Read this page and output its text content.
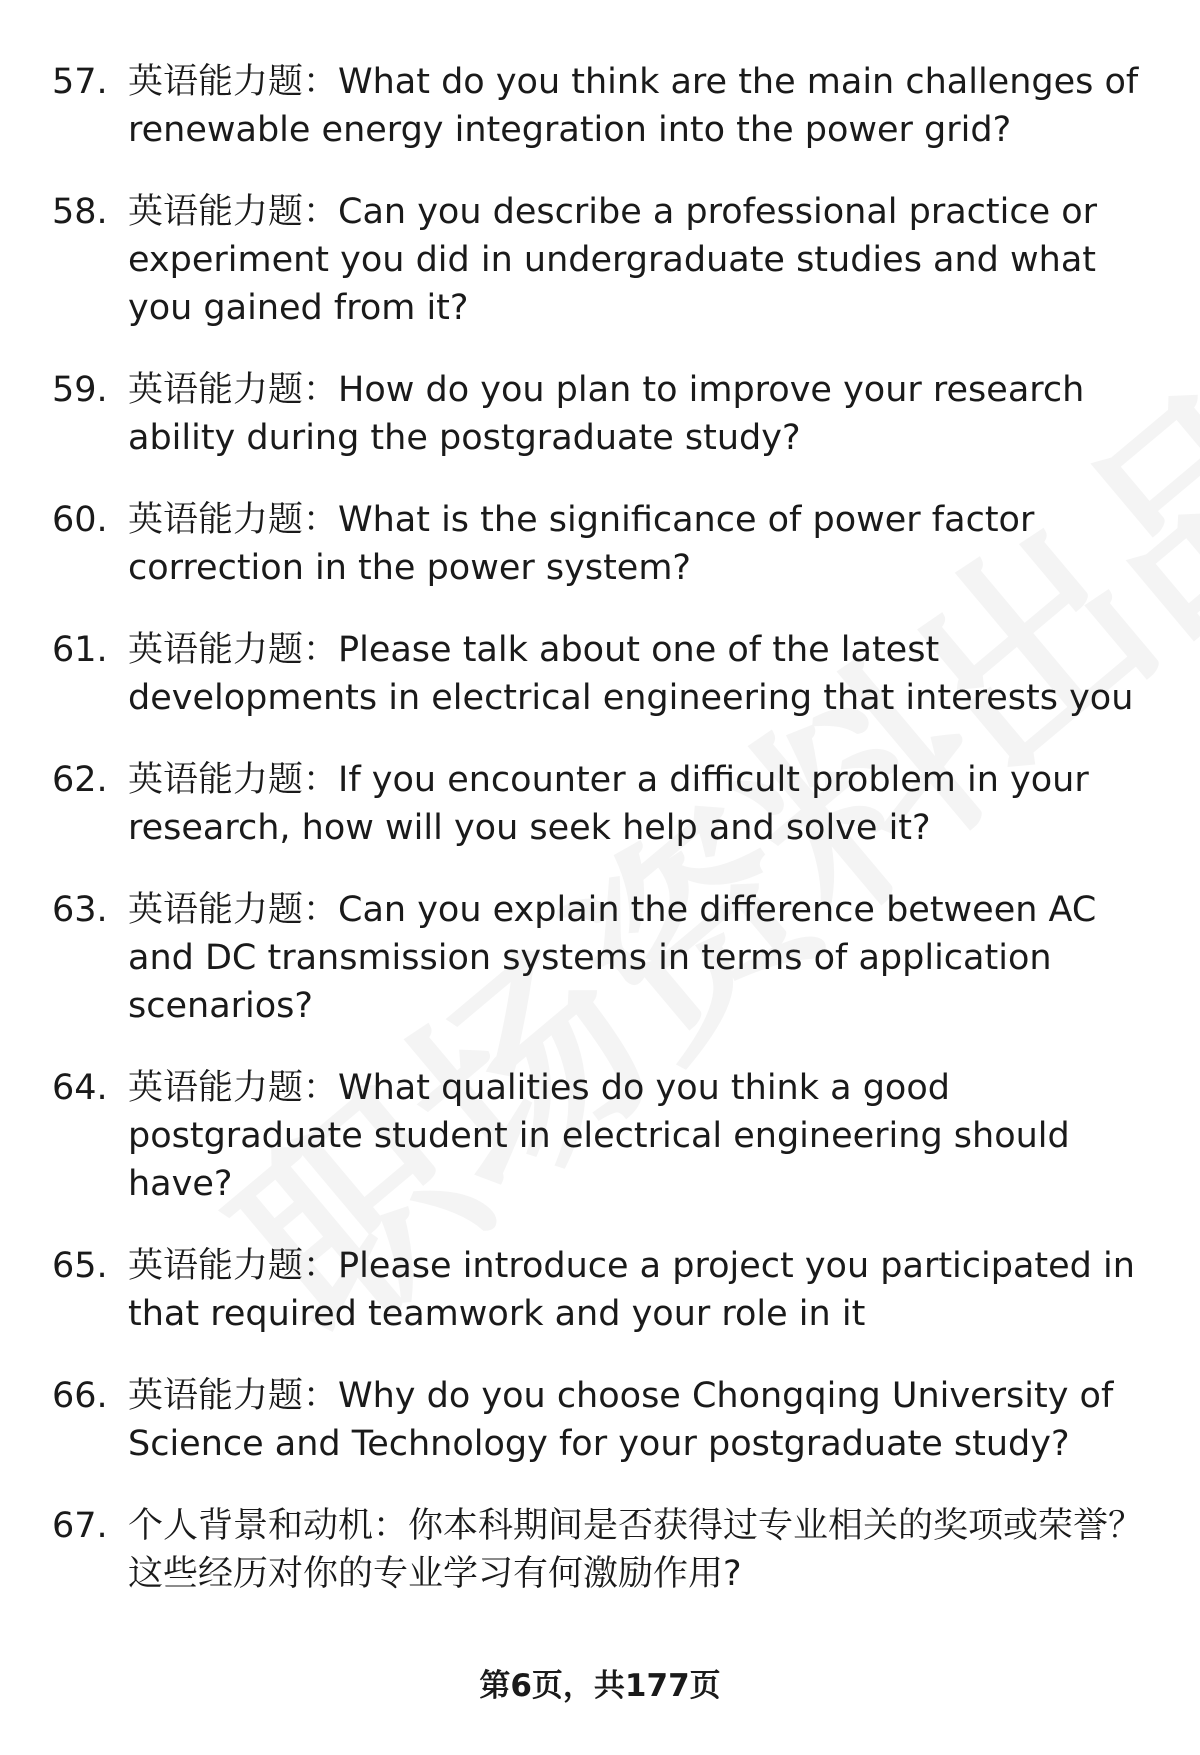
57. 英语能力题：What do you think are the main challenges of renewable energy integration into the power grid?
58. 英语能力题：Can you describe a professional practice or experiment you did in undergraduate studies and what you gained from it?
59. 英语能力题：How do you plan to improve your research ability during the postgraduate study?
60. 英语能力题：What is the significance of power factor correction in the power system?
61. 英语能力题：Please talk about one of the latest developments in electrical engineering that interests you
62. 英语能力题：If you encounter a difficult problem in your research, how will you seek help and solve it?
63. 英语能力题：Can you explain the difference between AC and DC transmission systems in terms of application scenarios?
64. 英语能力题：What qualities do you think a good postgraduate student in electrical engineering should have?
65. 英语能力题：Please introduce a project you participated in that required teamwork and your role in it
66. 英语能力题：Why do you choose Chongqing University of Science and Technology for your postgraduate study?
67. 个人背景和动机：你本科期间是否获得过专业相关的奖项或荣誉？这些经历对你的专业学习有何激励作用?
第6页，共177页
